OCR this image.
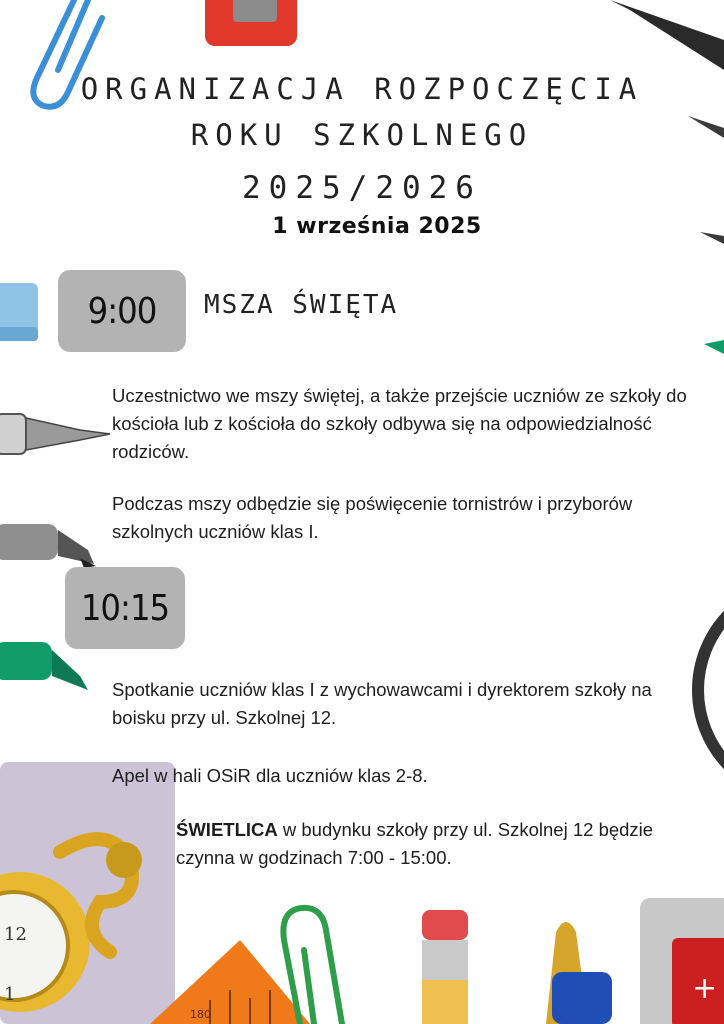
12
1
180
+
ORGANIZACJA ROZPOCZĘCIA
ROKU SZKOLNEGO
2025/2026
1 września 2025
9:00	MSZA ŚWIĘTA

Uczestnictwo we mszy świętej, a także przejście uczniów ze szkoły do kościoła lub z kościoła do szkoły odbywa się na odpowiedzialność rodziców.

Podczas mszy odbędzie się poświęcenie tornistrów i przyborów szkolnych uczniów klas I.

10:15

Spotkanie uczniów klas I z wychowawcami i dyrektorem szkoły na boisku przy ul. Szkolnej 12.

Apel w hali OSiR dla uczniów klas 2-8.

ŚWIETLICA w budynku szkoły przy ul. Szkolnej 12 będzie czynna w godzinach 7:00 - 15:00.
